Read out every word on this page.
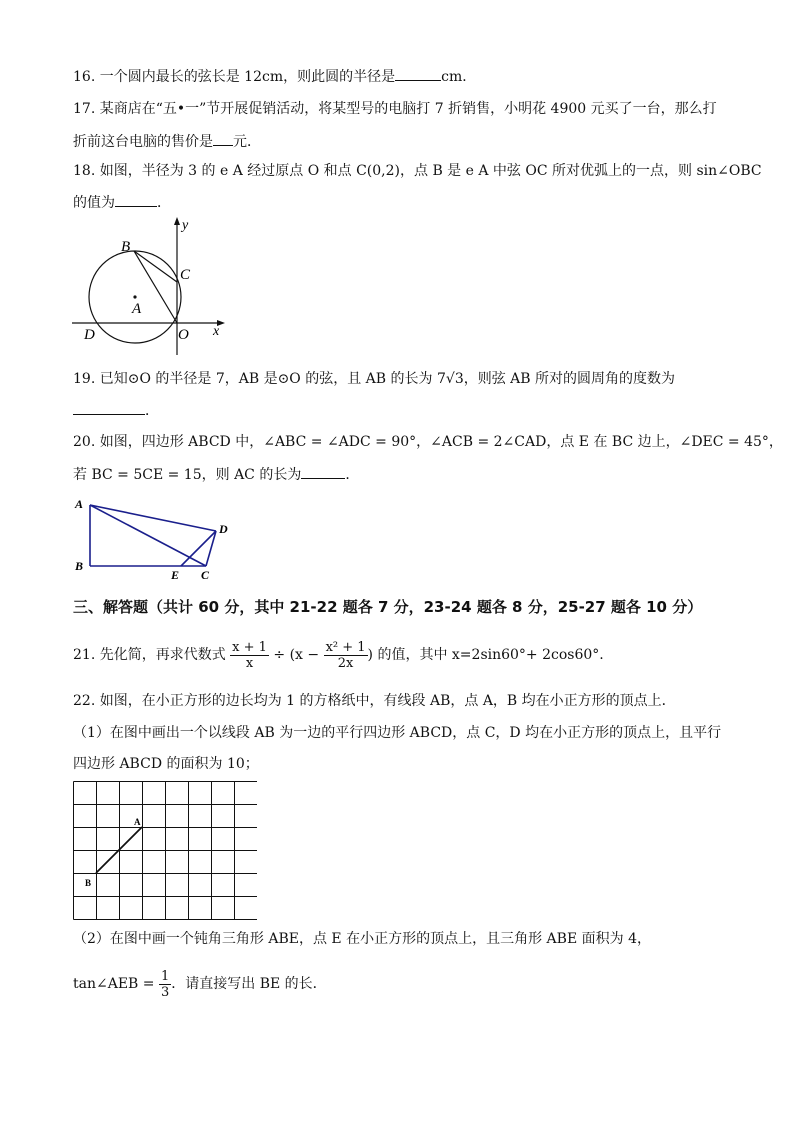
16. 一个圆内最长的弦长是 12cm，则此圆的半径是	cm．
17. 某商店在“五•一”节开展促销活动，将某型号的电脑打 7 折销售，小明花 4900 元买了一台，那么打
折前这台电脑的售价是 元．
18. 如图，半径为 3 的 e A 经过原点 O 和点 C(0,2)，点 B 是 e A 中弦 OC 所对优弧上的一点，则 sin∠OBC
的值为	．
y
x
B
C
A
D	O
19. 已知⊙O 的半径是 7，AB 是⊙O 的弦，且 AB 的长为 7√3，则弦 AB 所对的圆周角的度数为
．
20. 如图，四边形 ABCD 中，∠ABC = ∠ADC = 90°，∠ACB = 2∠CAD，点 E 在 BC 边上，∠DEC = 45°，
若 BC = 5CE = 15，则 AC 的长为	．
A
B
D
E C
三、解答题（共计 60 分，其中 21-22 题各 7 分，23-24 题各 8 分，25-27 题各 10 分）
21. 先化简，再求代数式 $\frac{x + 1}{x} \div (x - \frac{\text{x² + 1}}{2x}$ ) 的值，其中 x=2sin60°+ 2cos60°.
22. 如图，在小正方形的边长均为 1 的方格纸中，有线段 AB，点 A，B 均在小正方形的顶点上．
（1）在图中画出一个以线段 AB 为一边的平行四边形 ABCD，点 C，D 均在小正方形的顶点上，且平行
四边形 ABCD 的面积为 10；
A
B
（2）在图中画一个钝角三角形 ABE，点 E 在小正方形的顶点上，且三角形 ABE 面积为 4，
tan∠AEB = $\frac{1}{3}$ ．请直接写出 BE 的长．
